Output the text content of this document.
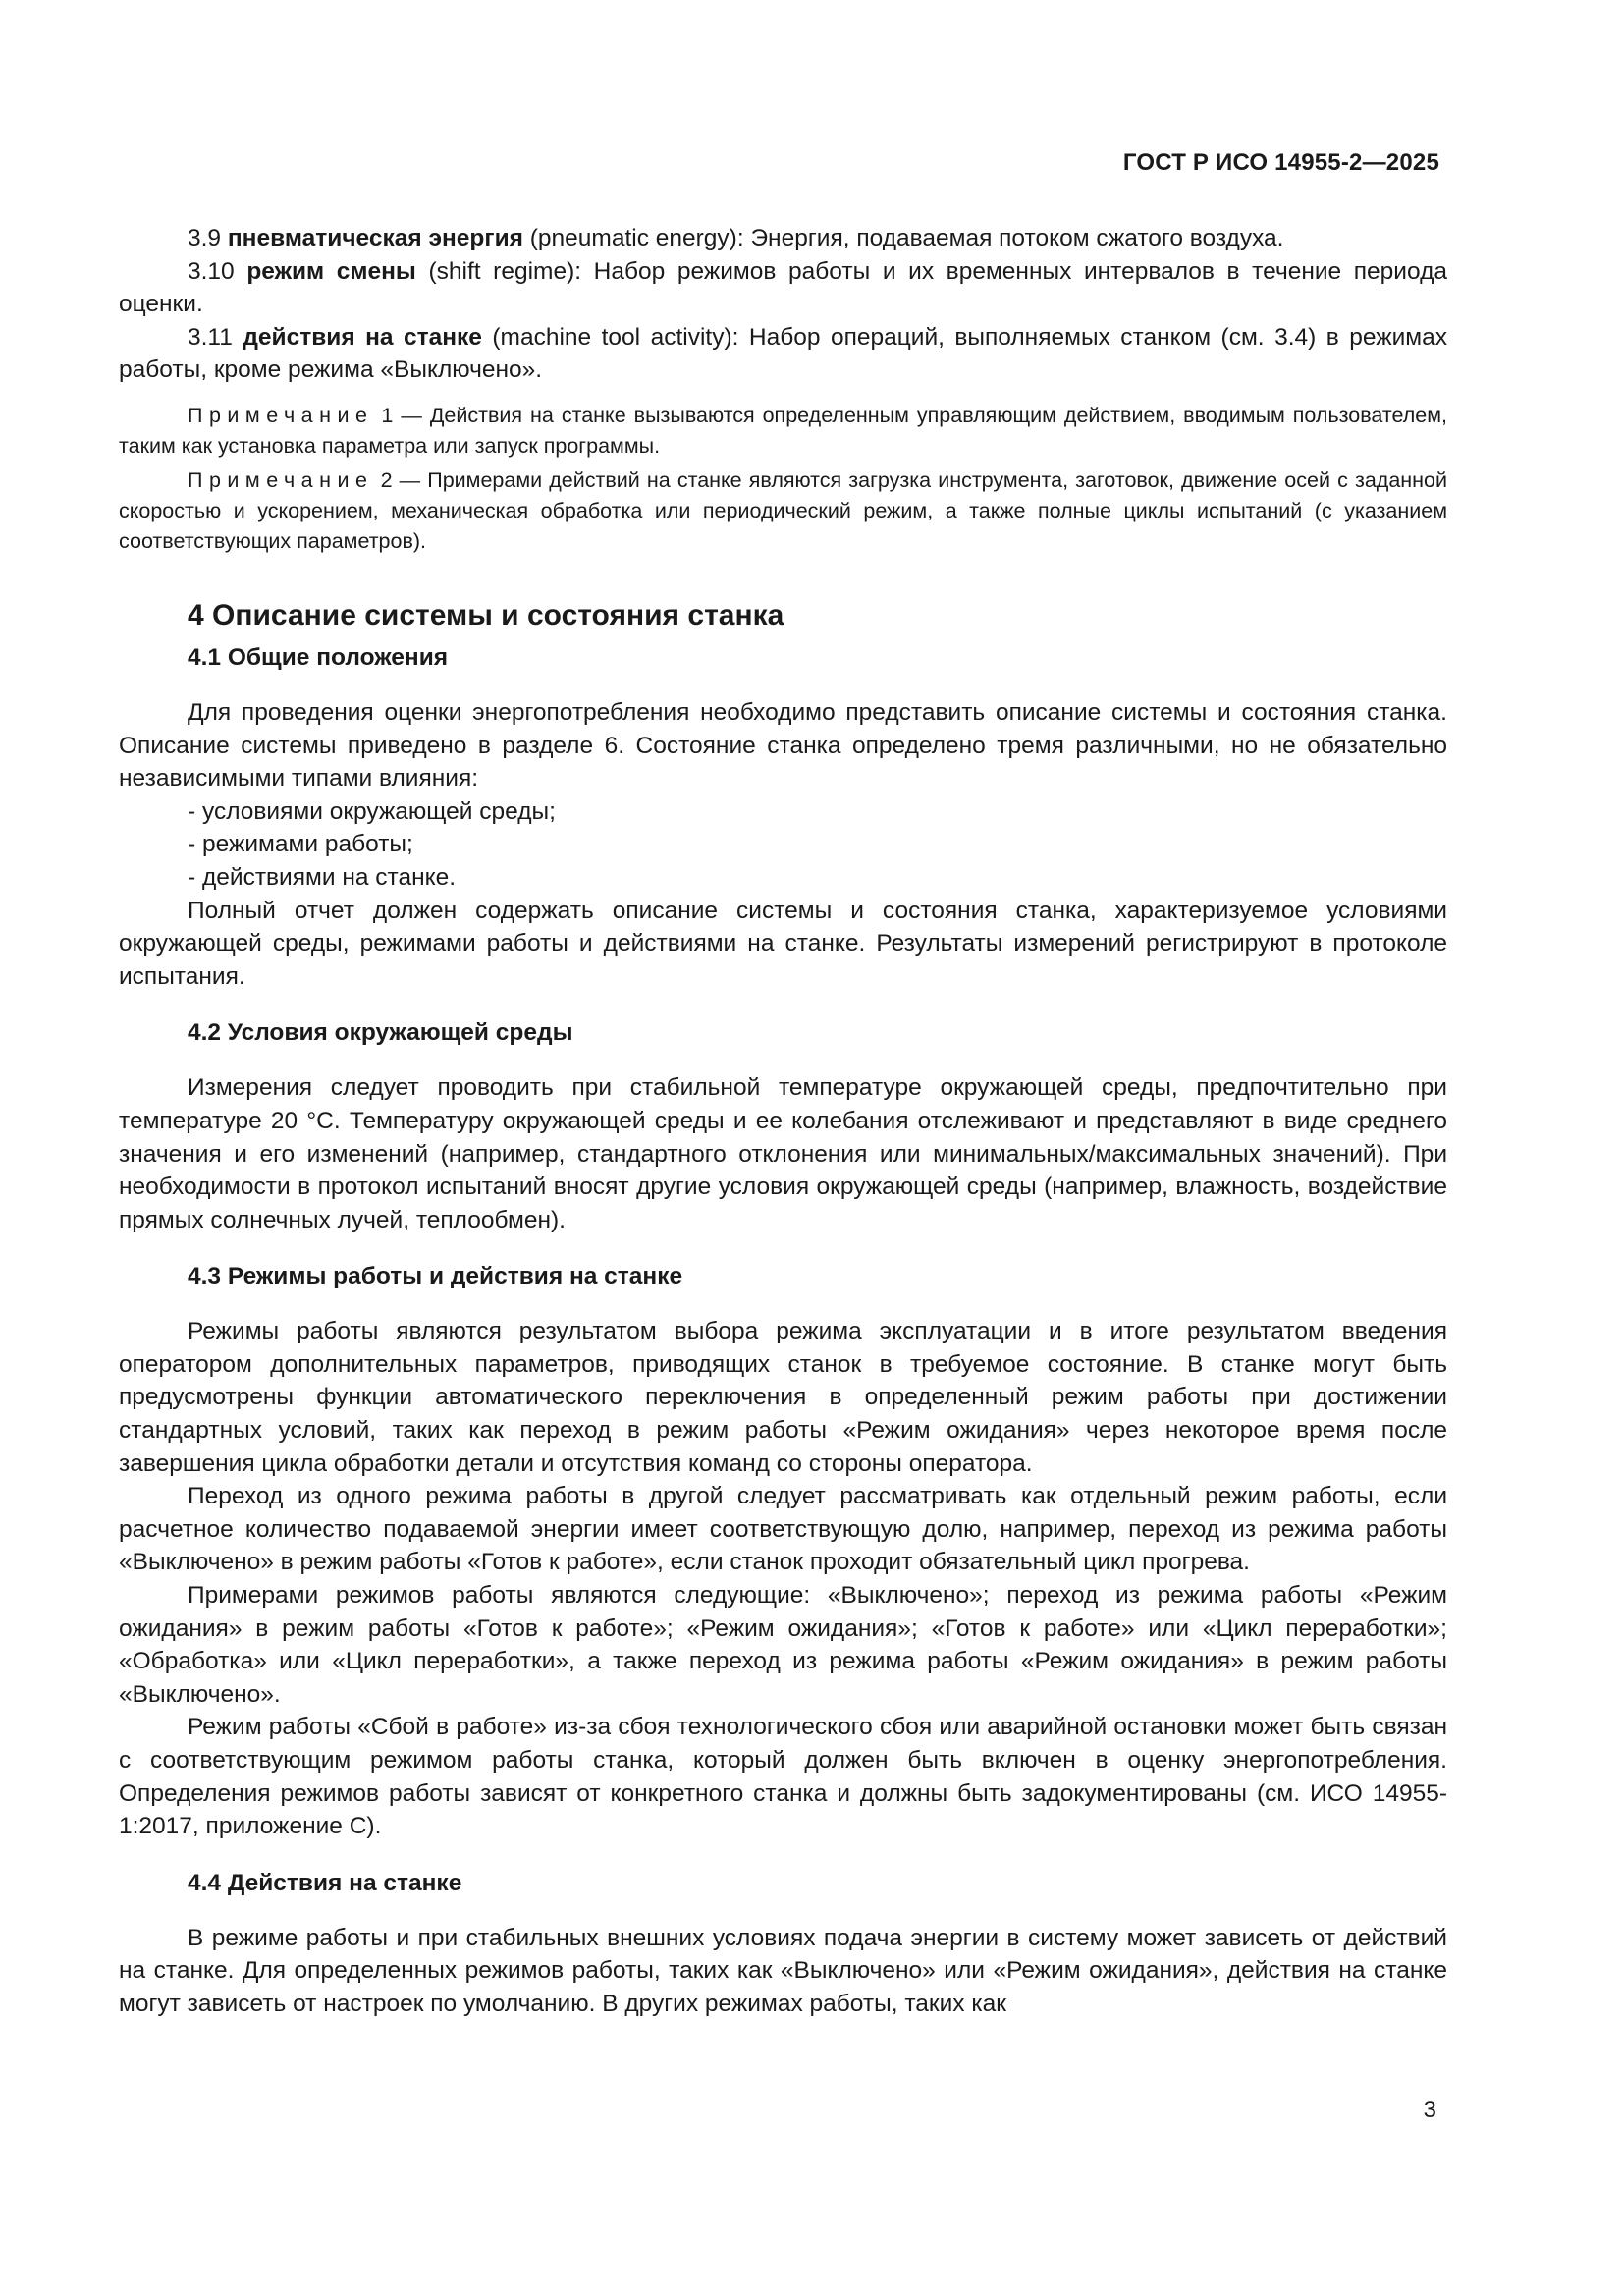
ГОСТ Р ИСО 14955-2—2025

3.9 пневматическая энергия (pneumatic energy): Энергия, подаваемая потоком сжатого воздуха.

3.10 режим смены (shift regime): Набор режимов работы и их временных интервалов в течение периода оценки.

3.11 действия на станке (machine tool activity): Набор операций, выполняемых станком (см. 3.4) в режимах работы, кроме режима «Выключено».

Примечание 1 — Действия на станке вызываются определенным управляющим действием, вводимым пользователем, таким как установка параметра или запуск программы.

Примечание 2 — Примерами действий на станке являются загрузка инструмента, заготовок, движение осей с заданной скоростью и ускорением, механическая обработка или периодический режим, а также полные циклы испытаний (с указанием соответствующих параметров).

4 Описание системы и состояния станка
4.1 Общие положения

Для проведения оценки энергопотребления необходимо представить описание системы и состояния станка. Описание системы приведено в разделе 6. Состояние станка определено тремя различными, но не обязательно независимыми типами влияния:

- условиями окружающей среды;

- режимами работы;

- действиями на станке.

Полный отчет должен содержать описание системы и состояния станка, характеризуемое условиями окружающей среды, режимами работы и действиями на станке. Результаты измерений регистрируют в протоколе испытания.

4.2 Условия окружающей среды

Измерения следует проводить при стабильной температуре окружающей среды, предпочтительно при температуре 20 °С. Температуру окружающей среды и ее колебания отслеживают и представляют в виде среднего значения и его изменений (например, стандартного отклонения или минимальных/максимальных значений). При необходимости в протокол испытаний вносят другие условия окружающей среды (например, влажность, воздействие прямых солнечных лучей, теплообмен).

4.3 Режимы работы и действия на станке

Режимы работы являются результатом выбора режима эксплуатации и в итоге результатом введения оператором дополнительных параметров, приводящих станок в требуемое состояние. В станке могут быть предусмотрены функции автоматического переключения в определенный режим работы при достижении стандартных условий, таких как переход в режим работы «Режим ожидания» через некоторое время после завершения цикла обработки детали и отсутствия команд со стороны оператора.

Переход из одного режима работы в другой следует рассматривать как отдельный режим работы, если расчетное количество подаваемой энергии имеет соответствующую долю, например, переход из режима работы «Выключено» в режим работы «Готов к работе», если станок проходит обязательный цикл прогрева.

Примерами режимов работы являются следующие: «Выключено»; переход из режима работы «Режим ожидания» в режим работы «Готов к работе»; «Режим ожидания»; «Готов к работе» или «Цикл переработки»; «Обработка» или «Цикл переработки», а также переход из режима работы «Режим ожидания» в режим работы «Выключено».

Режим работы «Сбой в работе» из-за сбоя технологического сбоя или аварийной остановки может быть связан с соответствующим режимом работы станка, который должен быть включен в оценку энергопотребления. Определения режимов работы зависят от конкретного станка и должны быть задокументированы (см. ИСО 14955-1:2017, приложение С).

4.4 Действия на станке

В режиме работы и при стабильных внешних условиях подача энергии в систему может зависеть от действий на станке. Для определенных режимов работы, таких как «Выключено» или «Режим ожидания», действия на станке могут зависеть от настроек по умолчанию. В других режимах работы, таких как

3
